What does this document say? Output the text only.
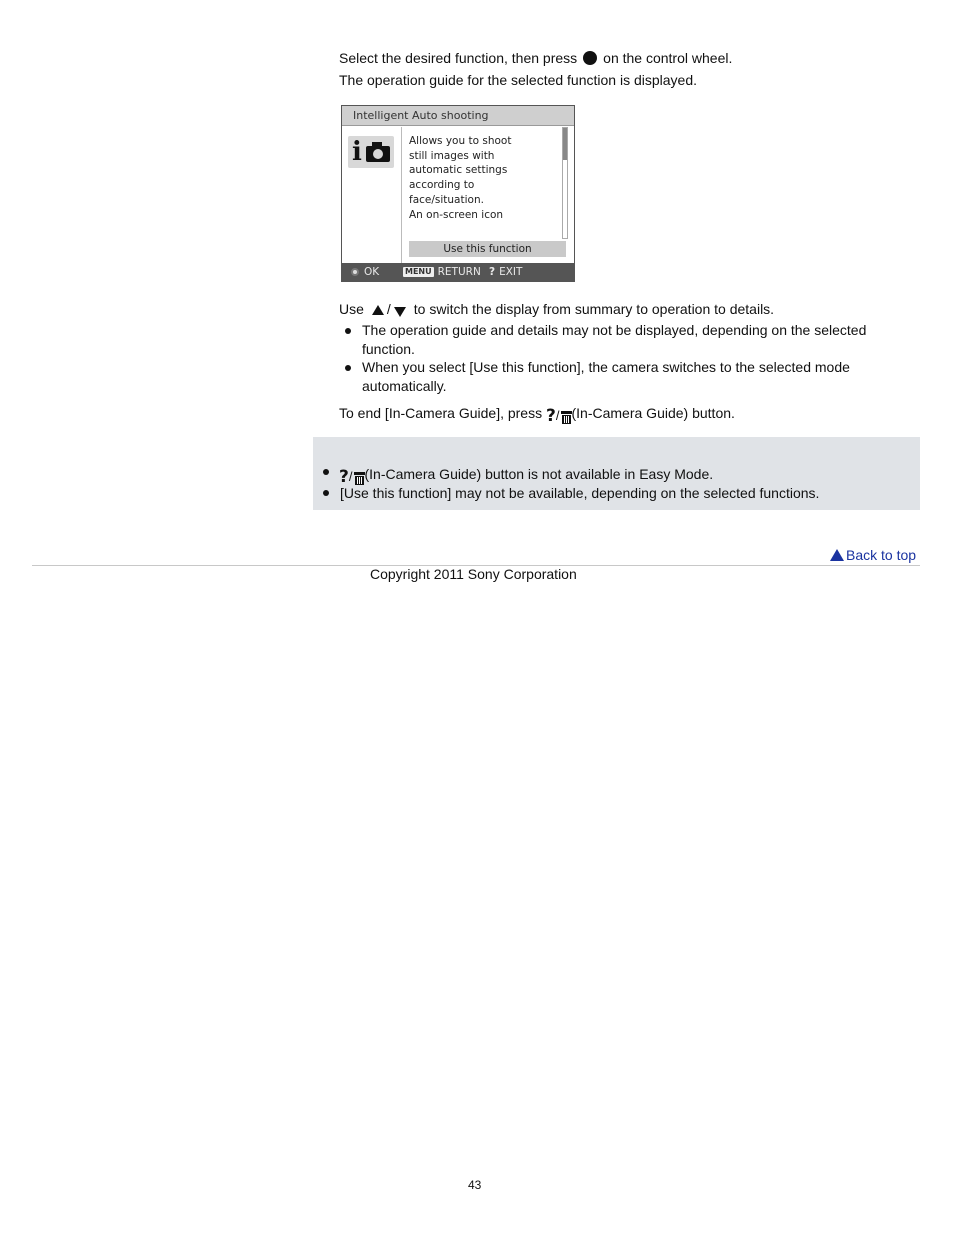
Select the desired function, then press on the control wheel.
The operation guide for the selected function is displayed.
Intelligent Auto shooting
i	Allows you to shoot
still images with
automatic settings
according to
face/situation.
An on-screen icon
Use this function
OK	MENU RETURN ? EXIT
Use / to switch the display from summary to operation to details.
The operation guide and details may not be displayed, depending on the selected
function.
When you select [Use this function], the camera switches to the selected mode
automatically.
To end [In-Camera Guide], press ? / (In-Camera Guide) button.
? / (In-Camera Guide) button is not available in Easy Mode.
[Use this function] may not be available, depending on the selected functions.
Back to top
Copyright 2011 Sony Corporation
43
